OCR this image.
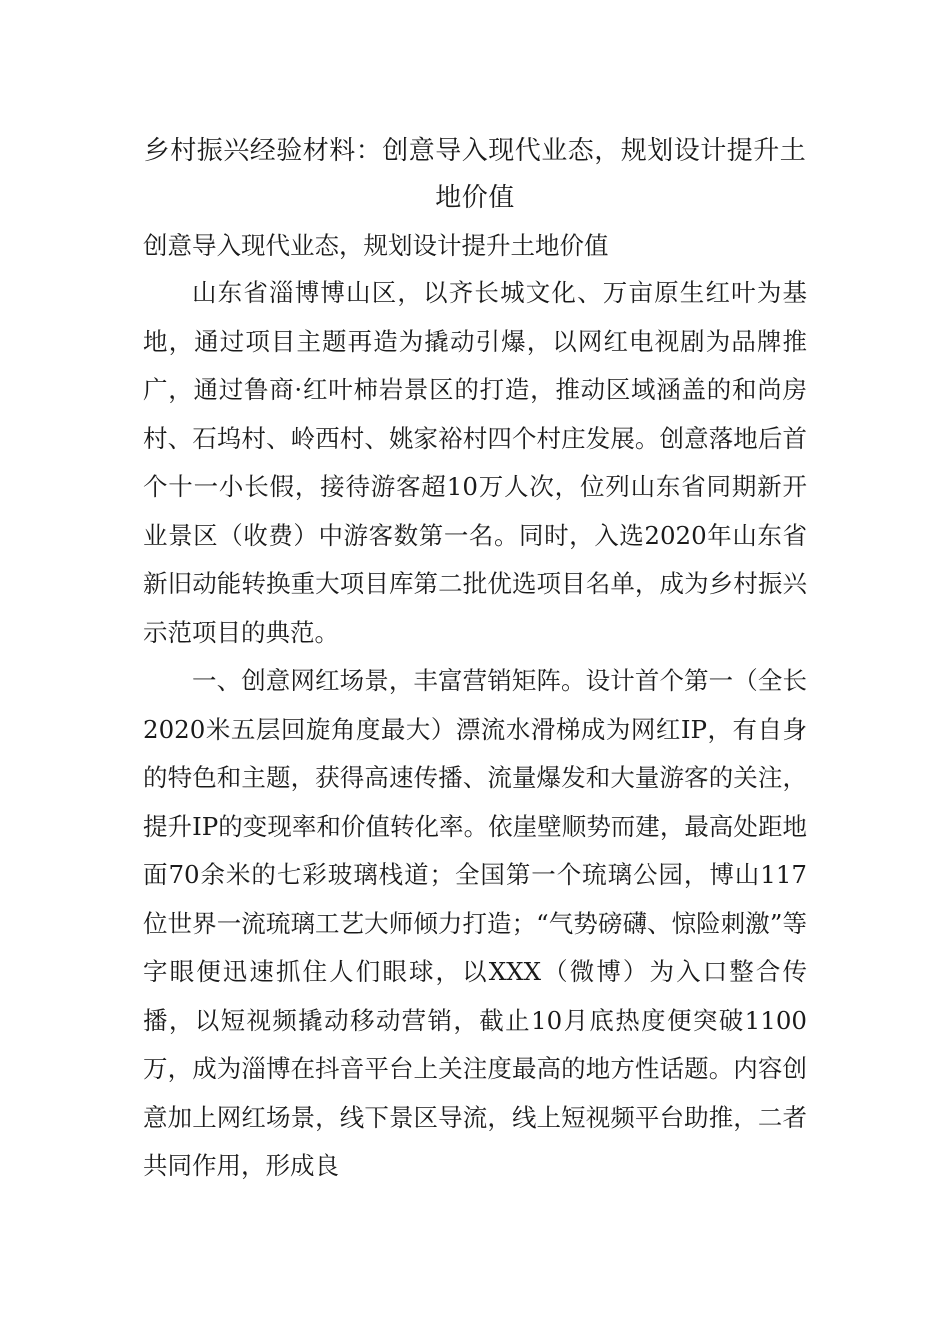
乡村振兴经验材料：创意导入现代业态，规划设计提升土地价值

创意导入现代业态，规划设计提升土地价值

山东省淄博博山区，以齐长城文化、万亩原生红叶为基地，通过项目主题再造为撬动引爆，以网红电视剧为品牌推广，通过鲁商·红叶柿岩景区的打造，推动区域涵盖的和尚房村、石坞村、岭西村、姚家裕村四个村庄发展。创意落地后首个十一小长假，接待游客超10万人次，位列山东省同期新开业景区（收费）中游客数第一名。同时，入选2020年山东省新旧动能转换重大项目库第二批优选项目名单，成为乡村振兴示范项目的典范。

一、创意网红场景，丰富营销矩阵。设计首个第一（全长2020米五层回旋角度最大）漂流水滑梯成为网红IP，有自身的特色和主题，获得高速传播、流量爆发和大量游客的关注，提升IP的变现率和价值转化率。依崖壁顺势而建，最高处距地面70余米的七彩玻璃栈道；全国第一个琉璃公园，博山117位世界一流琉璃工艺大师倾力打造；“气势磅礴、惊险刺激”等字眼便迅速抓住人们眼球，以XXX（微博）为入口整合传播，以短视频撬动移动营销，截止10月底热度便突破1100万，成为淄博在抖音平台上关注度最高的地方性话题。内容创意加上网红场景，线下景区导流，线上短视频平台助推，二者共同作用，形成良
